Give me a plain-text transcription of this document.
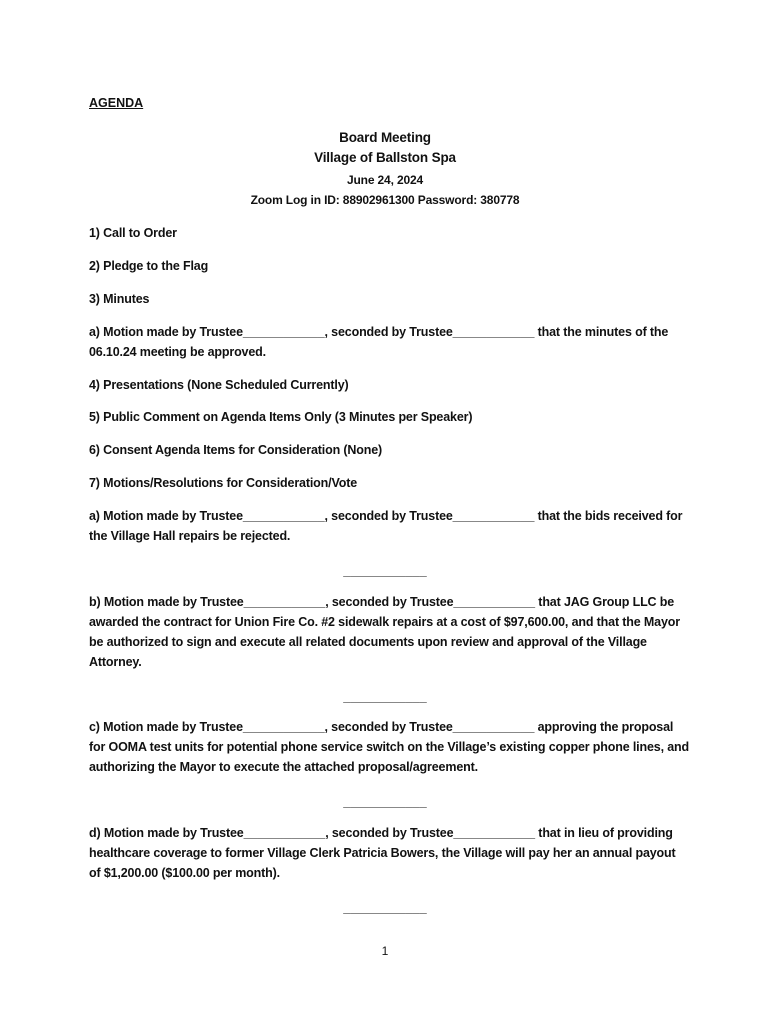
AGENDA
Board Meeting
Village of Ballston Spa
June 24, 2024
Zoom Log in ID: 88902961300 Password: 380778
1) Call to Order
2) Pledge to the Flag
3) Minutes
a) Motion made by Trustee____________, seconded by Trustee____________ that the minutes of the 06.10.24 meeting be approved.
4) Presentations (None Scheduled Currently)
5) Public Comment on Agenda Items Only (3 Minutes per Speaker)
6) Consent Agenda Items for Consideration (None)
7) Motions/Resolutions for Consideration/Vote
a) Motion made by Trustee____________, seconded by Trustee____________ that the bids received for the Village Hall repairs be rejected.
____________
b) Motion made by Trustee____________, seconded by Trustee____________ that JAG Group LLC be awarded the contract for Union Fire Co. #2 sidewalk repairs at a cost of $97,600.00, and that the Mayor be authorized to sign and execute all related documents upon review and approval of the Village Attorney.
____________
c) Motion made by Trustee____________, seconded by Trustee____________ approving the proposal for OOMA test units for potential phone service switch on the Village’s existing copper phone lines, and authorizing the Mayor to execute the attached proposal/agreement.
____________
d) Motion made by Trustee____________, seconded by Trustee____________ that in lieu of providing healthcare coverage to former Village Clerk Patricia Bowers, the Village will pay her an annual payout of $1,200.00 ($100.00 per month).
____________
1
